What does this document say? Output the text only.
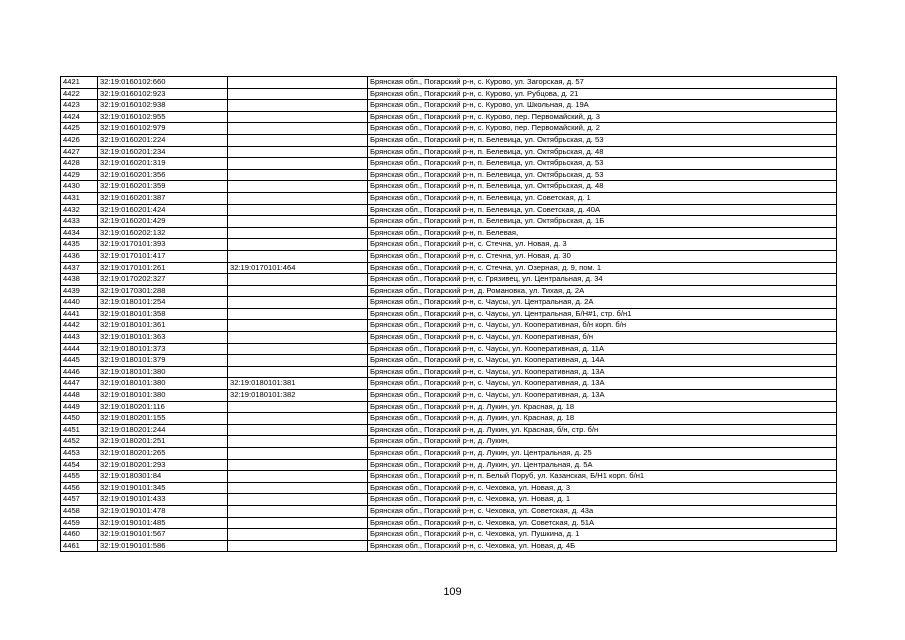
4421	32:19:0160102:660		Брянская обл., Погарский р-н, с. Курово, ул. Загорская, д. 57
4422	32:19:0160102:923		Брянская обл., Погарский р-н, с. Курово, ул. Рубцова, д. 21
4423	32:19:0160102:938		Брянская обл., Погарский р-н, с. Курово, ул. Школьная, д. 19А
4424	32:19:0160102:955		Брянская обл., Погарский р-н, с. Курово, пер. Первомайский, д. 3
4425	32:19:0160102:979		Брянская обл., Погарский р-н, с. Курово, пер. Первомайский, д. 2
4426	32:19:0160201:224		Брянская обл., Погарский р-н, п. Белевица, ул. Октябрьская, д. 53
4427	32:19:0160201:234		Брянская обл., Погарский р-н, п. Белевица, ул. Октябрьская, д. 48
4428	32:19:0160201:319		Брянская обл., Погарский р-н, п. Белевица, ул. Октябрьская, д. 53
4429	32:19:0160201:356		Брянская обл., Погарский р-н, п. Белевица, ул. Октябрьская, д. 53
4430	32:19:0160201:359		Брянская обл., Погарский р-н, п. Белевица, ул. Октябрьская, д. 48
4431	32:19:0160201:387		Брянская обл., Погарский р-н, п. Белевица, ул. Советская, д. 1
4432	32:19:0160201:424		Брянская обл., Погарский р-н, п. Белевица, ул. Советская, д. 40А
4433	32:19:0160201:429		Брянская обл., Погарский р-н, п. Белевица, ул. Октябрьская, д. 1Б
4434	32:19:0160202:132		Брянская обл., Погарский р-н, п. Белевая,
4435	32:19:0170101:393		Брянская обл., Погарский р-н, с. Стечна, ул. Новая, д. 3
4436	32:19:0170101:417		Брянская обл., Погарский р-н, с. Стечна, ул. Новая, д. 30
4437	32:19:0170101:261	32:19:0170101:464	Брянская обл., Погарский р-н, с. Стечна, ул. Озерная, д. 9, пом. 1
4438	32:19:0170202:327		Брянская обл., Погарский р-н, с. Грязивец, ул. Центральная, д. 34
4439	32:19:0170301:288		Брянская обл., Погарский р-н, д. Романовка, ул. Тихая, д. 2А
4440	32:19:0180101:254		Брянская обл., Погарский р-н, с. Чаусы, ул. Центральная, д. 2А
4441	32:19:0180101:358		Брянская обл., Погарский р-н, с. Чаусы, ул. Центральная, Б/Н#1, стр. б/н1
4442	32:19:0180101:361		Брянская обл., Погарский р-н, с. Чаусы, ул. Кооперативная, б/н корп. б/н
4443	32:19:0180101:363		Брянская обл., Погарский р-н, с. Чаусы, ул. Кооперативная, б/н
4444	32:19:0180101:373		Брянская обл., Погарский р-н, с. Чаусы, ул. Кооперативная, д. 11А
4445	32:19:0180101:379		Брянская обл., Погарский р-н, с. Чаусы, ул. Кооперативная, д. 14А
4446	32:19:0180101:380		Брянская обл., Погарский р-н, с. Чаусы, ул. Кооперативная, д. 13А
4447	32:19:0180101:380	32:19:0180101:381	Брянская обл., Погарский р-н, с. Чаусы, ул. Кооперативная, д. 13А
4448	32:19:0180101:380	32:19:0180101:382	Брянская обл., Погарский р-н, с. Чаусы, ул. Кооперативная, д. 13А
4449	32:19:0180201:116		Брянская обл., Погарский р-н, д. Лукин, ул. Красная, д. 18
4450	32:19:0180201:155		Брянская обл., Погарский р-н, д. Лукин, ул. Красная, д. 18
4451	32:19:0180201:244		Брянская обл., Погарский р-н, д. Лукин, ул. Красная, б/н, стр. б/н
4452	32:19:0180201:251		Брянская обл., Погарский р-н, д. Лукин,
4453	32:19:0180201:265		Брянская обл., Погарский р-н, д. Лукин, ул. Центральная, д. 25
4454	32:19:0180201:293		Брянская обл., Погарский р-н, д. Лукин, ул. Центральная, д. 5А
4455	32:19:0180301:84		Брянская обл., Погарский р-н, п. Белый Поруб, ул. Казанская, Б/Н1 корп. б/н1
4456	32:19:0190101:345		Брянская обл., Погарский р-н, с. Чеховка, ул. Новая, д. 3
4457	32:19:0190101:433		Брянская обл., Погарский р-н, с. Чеховка, ул. Новая, д. 1
4458	32:19:0190101:478		Брянская обл., Погарский р-н, с. Чеховка, ул. Советская, д. 43а
4459	32:19:0190101:485		Брянская обл., Погарский р-н, с. Чеховка, ул. Советская, д. 51А
4460	32:19:0190101:567		Брянская обл., Погарский р-н, с. Чеховка, ул. Пушкина, д. 1
4461	32:19:0190101:586		Брянская обл., Погарский р-н, с. Чеховка, ул. Новая, д. 4Б
109
